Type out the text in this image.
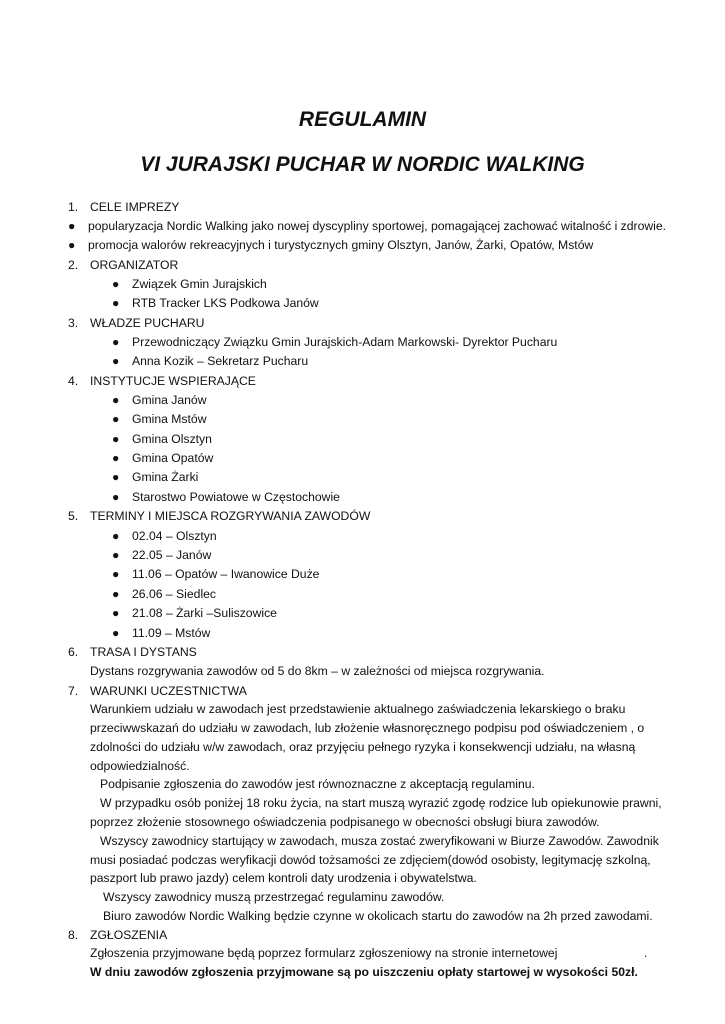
REGULAMIN
VI JURAJSKI PUCHAR W NORDIC WALKING
1. CELE IMPREZY
● popularyzacja Nordic Walking jako nowej dyscypliny sportowej, pomagającej zachować witalność i zdrowie.
● promocja walorów rekreacyjnych i turystycznych gminy Olsztyn, Janów, Żarki, Opatów, Mstów
2. ORGANIZATOR
● Związek Gmin Jurajskich
● RTB Tracker LKS Podkowa Janów
3. WŁADZE PUCHARU
● Przewodniczący Związku Gmin Jurajskich-Adam Markowski- Dyrektor Pucharu
● Anna Kozik – Sekretarz Pucharu
4. INSTYTUCJE WSPIERAJĄCE
● Gmina Janów
● Gmina Mstów
● Gmina Olsztyn
● Gmina Opatów
● Gmina Żarki
● Starostwo Powiatowe w Częstochowie
5. TERMINY I MIEJSCA ROZGRYWANIA ZAWODÓW
● 02.04 – Olsztyn
● 22.05 – Janów
● 11.06 – Opatów – Iwanowice Duże
● 26.06 – Siedlec
● 21.08 – Żarki –Suliszowice
● 11.09 – Mstów
6. TRASA I DYSTANS
Dystans rozgrywania zawodów od 5 do 8km – w zależności od miejsca rozgrywania.
7. WARUNKI UCZESTNICTWA
Warunkiem udziału w zawodach jest przedstawienie aktualnego zaświadczenia lekarskiego o braku
przeciwwskazań do udziału w zawodach, lub złożenie własnoręcznego podpisu pod oświadczeniem , o
zdolności do udziału w/w zawodach, oraz przyjęciu pełnego ryzyka i konsekwencji udziału, na własną
odpowiedzialność.
Podpisanie zgłoszenia do zawodów jest równoznaczne z akceptacją regulaminu.
W przypadku osób poniżej 18 roku życia, na start muszą wyrazić zgodę rodzice lub opiekunowie prawni,
poprzez złożenie stosownego oświadczenia podpisanego w obecności obsługi biura zawodów.
Wszyscy zawodnicy startujący w zawodach, musza zostać zweryfikowani w Biurze Zawodów. Zawodnik
musi posiadać podczas weryfikacji dowód tożsamości ze zdjęciem(dowód osobisty, legitymację szkolną,
paszport lub prawo jazdy) celem kontroli daty urodzenia i obywatelstwa.
Wszyscy zawodnicy muszą przestrzegać regulaminu zawodów.
Biuro zawodów Nordic Walking będzie czynne w okolicach startu do zawodów na 2h przed zawodami.
8. ZGŁOSZENIA
Zgłoszenia przyjmowane będą poprzez formularz zgłoszeniowy na stronie internetowej	.
W dniu zawodów zgłoszenia przyjmowane są po uiszczeniu opłaty startowej w wysokości 50zł.
